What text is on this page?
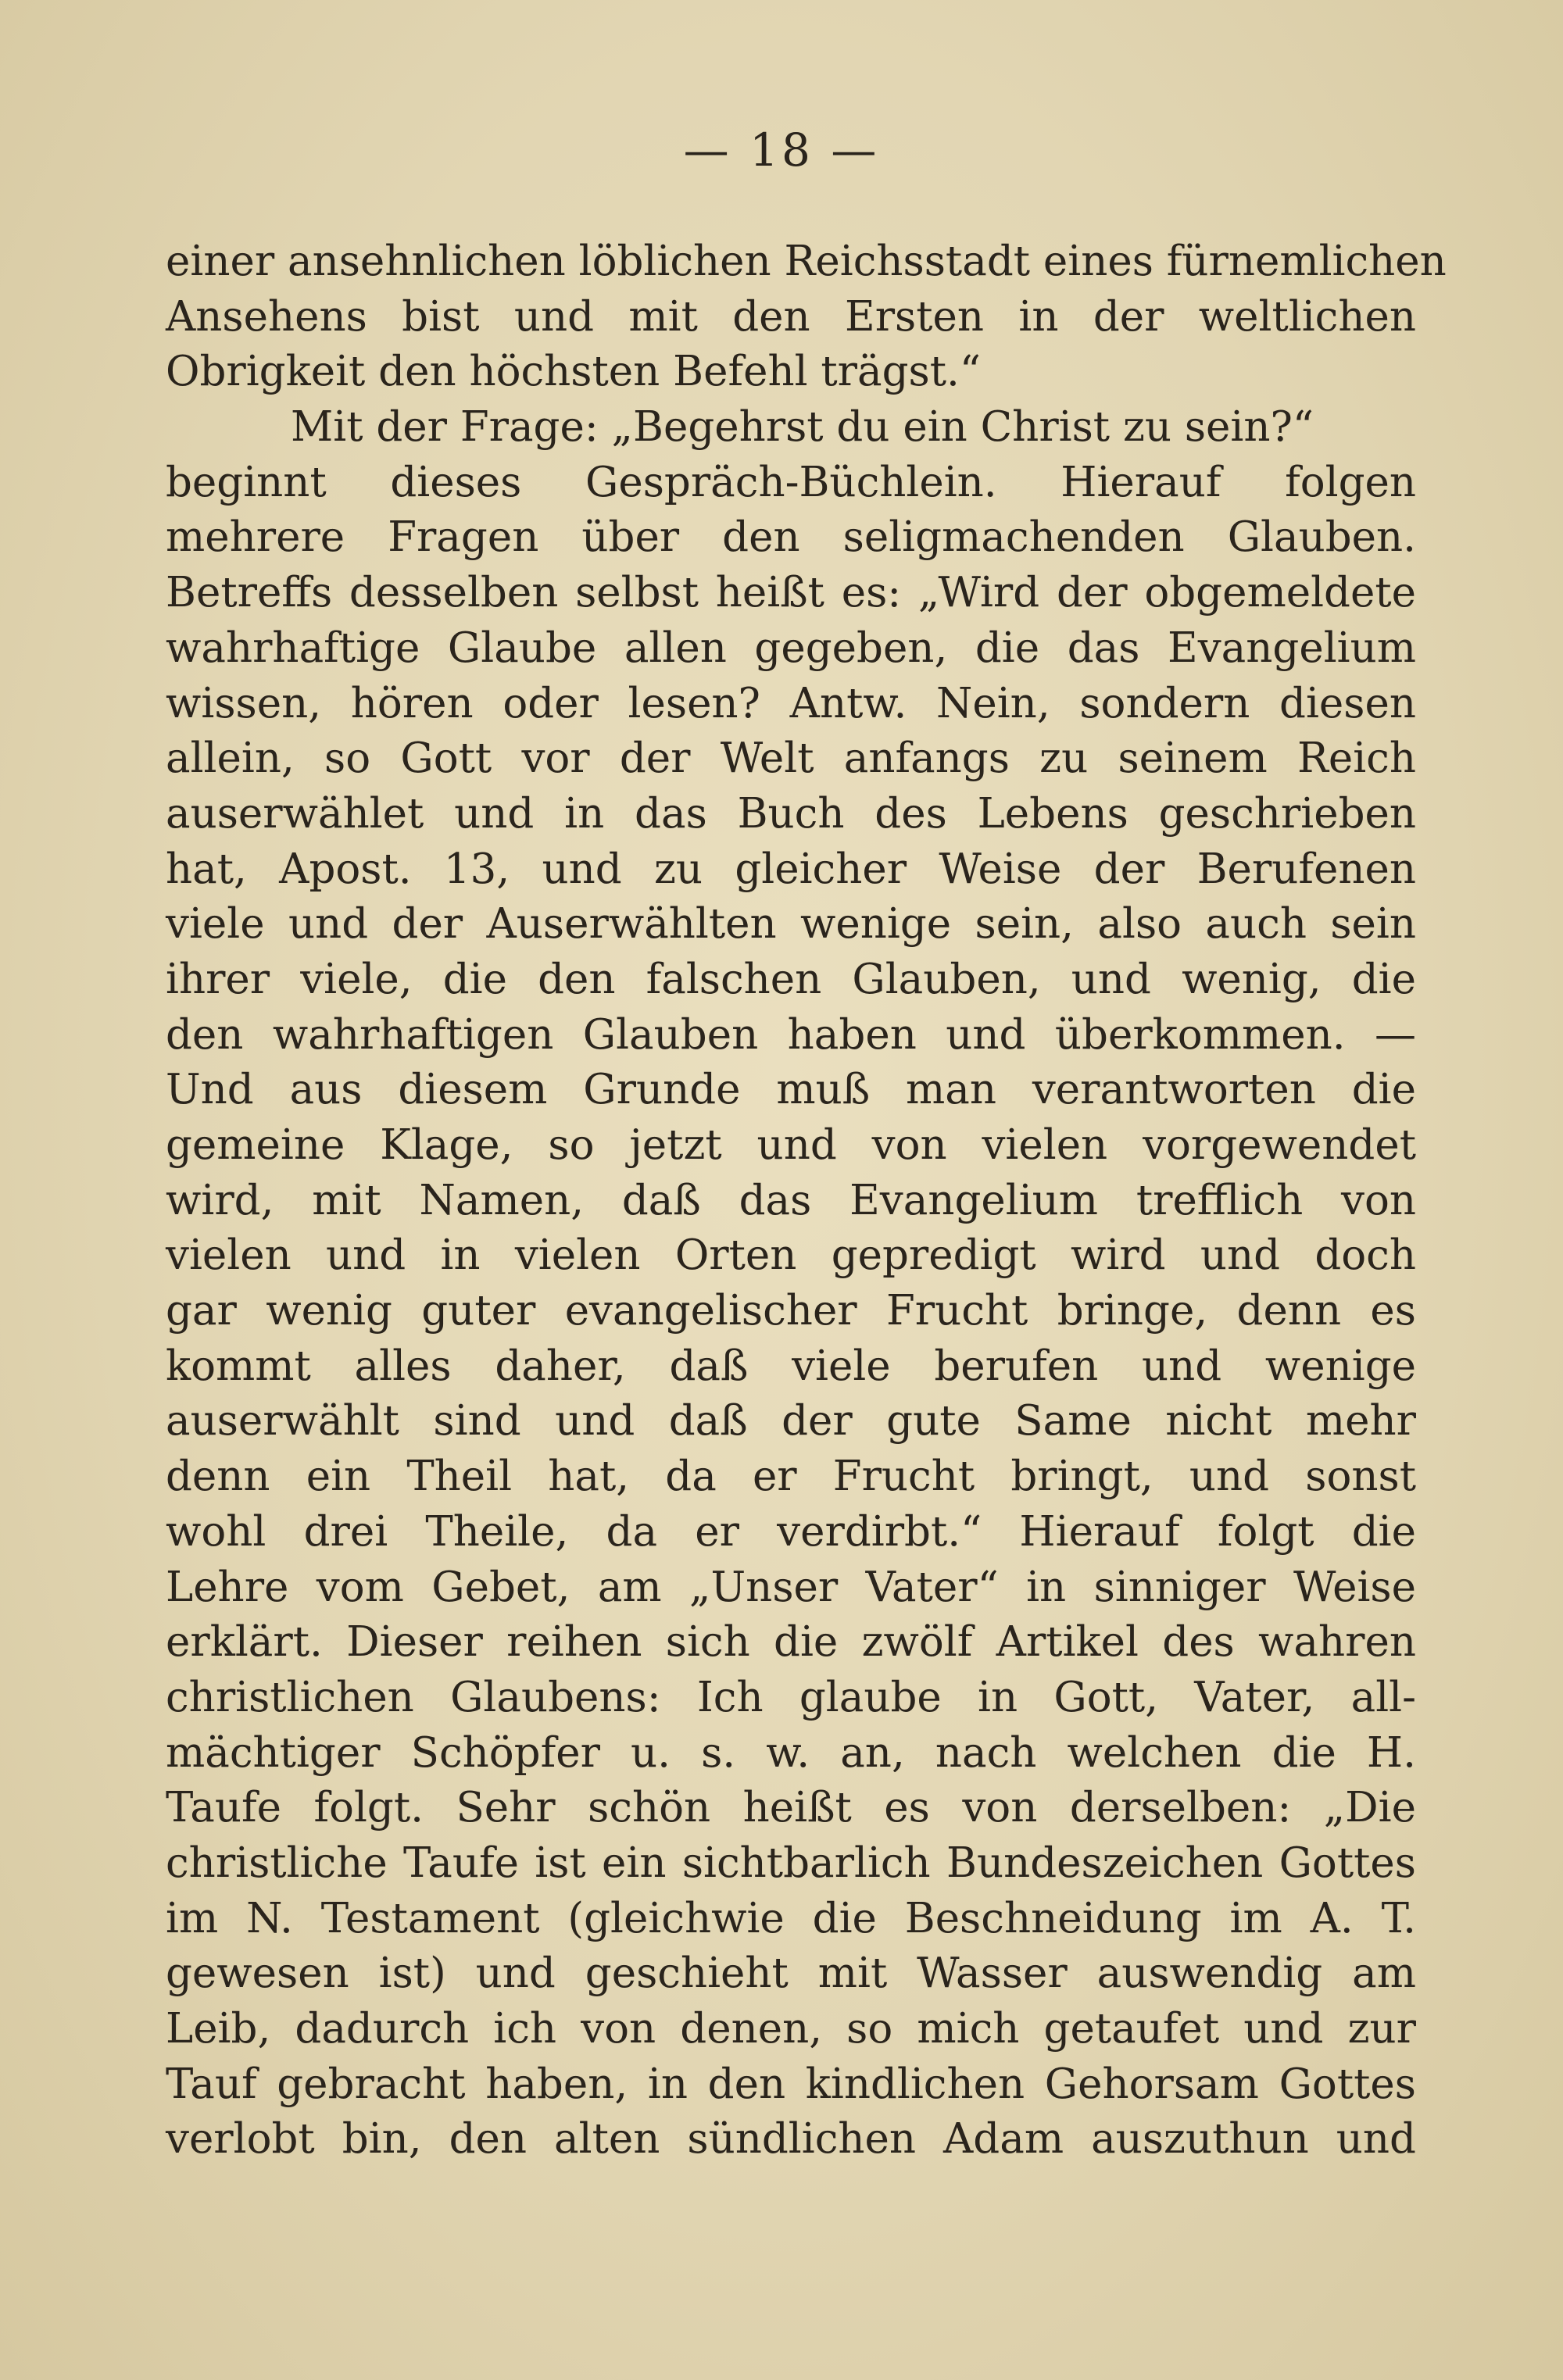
— 18 —
einer ansehnlichen löblichen Reichsstadt eines fürnemlichen
Ansehens bist und mit den Ersten in der weltlichen
Obrigkeit den höchsten Befehl trägst.“
Mit der Frage: „Begehrst du ein Christ zu sein?“
beginnt dieses Gespräch-Büchlein. Hierauf folgen
mehrere Fragen über den seligmachenden Glauben.
Betreffs desselben selbst heißt es: „Wird der obgemeldete
wahrhaftige Glaube allen gegeben, die das Evangelium
wissen, hören oder lesen? Antw. Nein, sondern diesen
allein, so Gott vor der Welt anfangs zu seinem Reich
auserwählet und in das Buch des Lebens geschrieben
hat, Apost. 13, und zu gleicher Weise der Berufenen
viele und der Auserwählten wenige sein, also auch sein
ihrer viele, die den falschen Glauben, und wenig, die
den wahrhaftigen Glauben haben und überkommen. —
Und aus diesem Grunde muß man verantworten die
gemeine Klage, so jetzt und von vielen vorgewendet
wird, mit Namen, daß das Evangelium trefflich von
vielen und in vielen Orten gepredigt wird und doch
gar wenig guter evangelischer Frucht bringe, denn es
kommt alles daher, daß viele berufen und wenige
auserwählt sind und daß der gute Same nicht mehr
denn ein Theil hat, da er Frucht bringt, und sonst
wohl drei Theile, da er verdirbt.“ Hierauf folgt die
Lehre vom Gebet, am „Unser Vater“ in sinniger Weise
erklärt. Dieser reihen sich die zwölf Artikel des wahren
christlichen Glaubens: Ich glaube in Gott, Vater, all-
mächtiger Schöpfer u. s. w. an, nach welchen die H.
Taufe folgt. Sehr schön heißt es von derselben: „Die
christliche Taufe ist ein sichtbarlich Bundeszeichen Gottes
im N. Testament (gleichwie die Beschneidung im A. T.
gewesen ist) und geschieht mit Wasser auswendig am
Leib, dadurch ich von denen, so mich getaufet und zur
Tauf gebracht haben, in den kindlichen Gehorsam Gottes
verlobt bin, den alten sündlichen Adam auszuthun und
